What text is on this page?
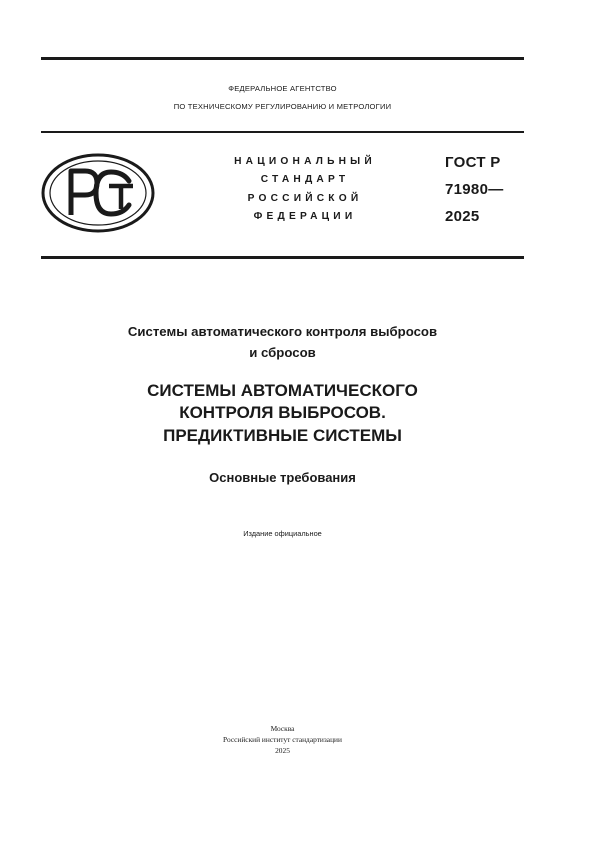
ФЕДЕРАЛЬНОЕ АГЕНТСТВО
ПО ТЕХНИЧЕСКОМУ РЕГУЛИРОВАНИЮ И МЕТРОЛОГИИ
НАЦИОНАЛЬНЫЙ
СТАНДАРТ
РОССИЙСКОЙ
ФЕДЕРАЦИИ
ГОСТ Р
71980—
2025
Системы автоматического контроля выбросов
и сбросов
СИСТЕМЫ АВТОМАТИЧЕСКОГО
КОНТРОЛЯ ВЫБРОСОВ.
ПРЕДИКТИВНЫЕ СИСТЕМЫ
Основные требования
Издание официальное
Москва
Российский институт стандартизации
2025
